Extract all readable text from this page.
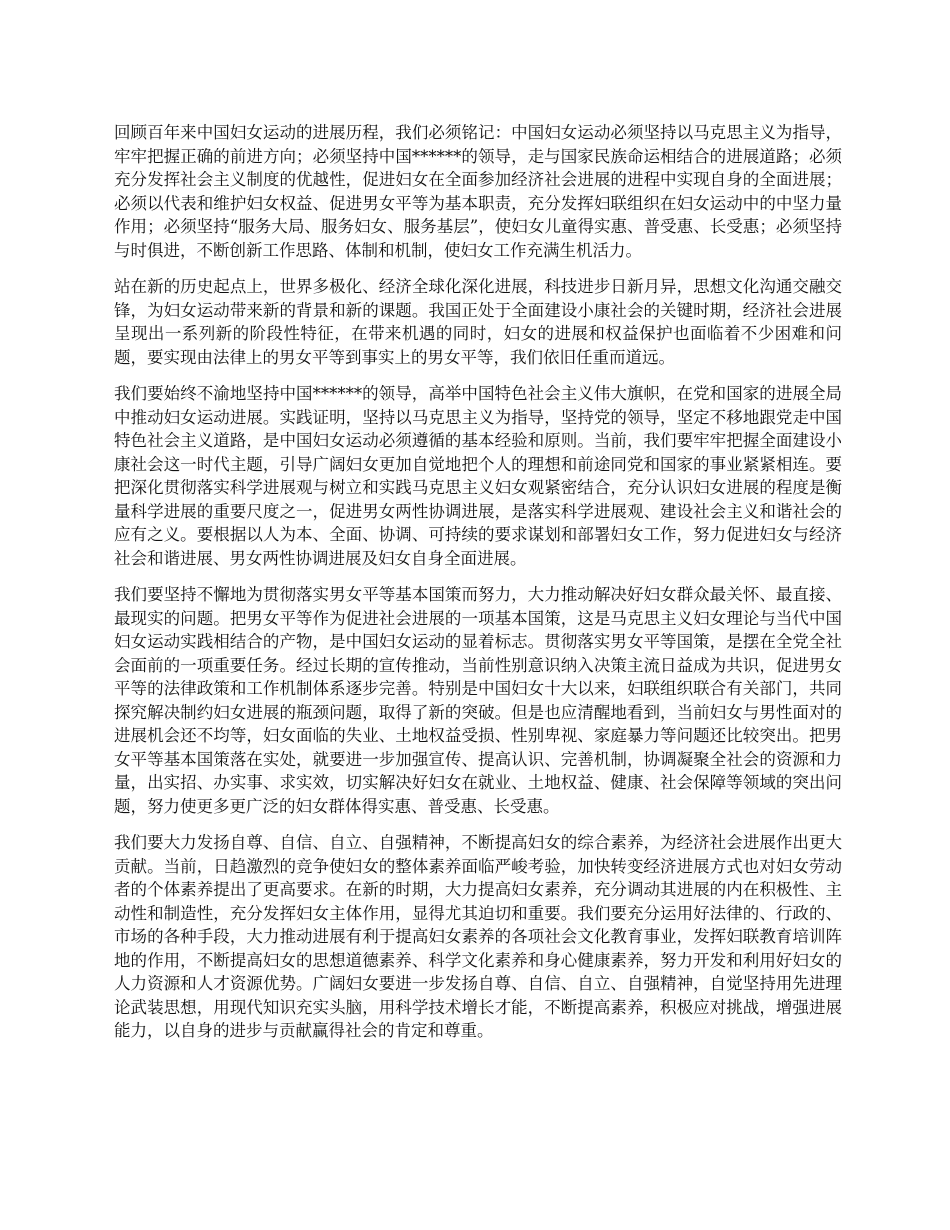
回顾百年来中国妇女运动的进展历程，我们必须铭记：中国妇女运动必须坚持以马克思主义为指导，牢牢把握正确的前进方向；必须坚持中国******的领导，走与国家民族命运相结合的进展道路；必须充分发挥社会主义制度的优越性，促进妇女在全面参加经济社会进展的进程中实现自身的全面进展；必须以代表和维护妇女权益、促进男女平等为基本职责，充分发挥妇联组织在妇女运动中的中坚力量作用；必须坚持“服务大局、服务妇女、服务基层”，使妇女儿童得实惠、普受惠、长受惠；必须坚持与时俱进，不断创新工作思路、体制和机制，使妇女工作充满生机活力。

站在新的历史起点上，世界多极化、经济全球化深化进展，科技进步日新月异，思想文化沟通交融交锋，为妇女运动带来新的背景和新的课题。我国正处于全面建设小康社会的关键时期，经济社会进展呈现出一系列新的阶段性特征，在带来机遇的同时，妇女的进展和权益保护也面临着不少困难和问题，要实现由法律上的男女平等到事实上的男女平等，我们依旧任重而道远。

我们要始终不渝地坚持中国******的领导，高举中国特色社会主义伟大旗帜，在党和国家的进展全局中推动妇女运动进展。实践证明，坚持以马克思主义为指导，坚持党的领导，坚定不移地跟党走中国特色社会主义道路，是中国妇女运动必须遵循的基本经验和原则。当前，我们要牢牢把握全面建设小康社会这一时代主题，引导广阔妇女更加自觉地把个人的理想和前途同党和国家的事业紧紧相连。要把深化贯彻落实科学进展观与树立和实践马克思主义妇女观紧密结合，充分认识妇女进展的程度是衡量科学进展的重要尺度之一，促进男女两性协调进展，是落实科学进展观、建设社会主义和谐社会的应有之义。要根据以人为本、全面、协调、可持续的要求谋划和部署妇女工作，努力促进妇女与经济社会和谐进展、男女两性协调进展及妇女自身全面进展。

我们要坚持不懈地为贯彻落实男女平等基本国策而努力，大力推动解决好妇女群众最关怀、最直接、最现实的问题。把男女平等作为促进社会进展的一项基本国策，这是马克思主义妇女理论与当代中国妇女运动实践相结合的产物，是中国妇女运动的显着标志。贯彻落实男女平等国策，是摆在全党全社会面前的一项重要任务。经过长期的宣传推动，当前性别意识纳入决策主流日益成为共识，促进男女平等的法律政策和工作机制体系逐步完善。特别是中国妇女十大以来，妇联组织联合有关部门，共同探究解决制约妇女进展的瓶颈问题，取得了新的突破。但是也应清醒地看到，当前妇女与男性面对的进展机会还不均等，妇女面临的失业、土地权益受损、性别卑视、家庭暴力等问题还比较突出。把男女平等基本国策落在实处，就要进一步加强宣传、提高认识、完善机制，协调凝聚全社会的资源和力量，出实招、办实事、求实效，切实解决好妇女在就业、土地权益、健康、社会保障等领域的突出问题，努力使更多更广泛的妇女群体得实惠、普受惠、长受惠。

我们要大力发扬自尊、自信、自立、自强精神，不断提高妇女的综合素养，为经济社会进展作出更大贡献。当前，日趋激烈的竞争使妇女的整体素养面临严峻考验，加快转变经济进展方式也对妇女劳动者的个体素养提出了更高要求。在新的时期，大力提高妇女素养，充分调动其进展的内在积极性、主动性和制造性，充分发挥妇女主体作用，显得尤其迫切和重要。我们要充分运用好法律的、行政的、市场的各种手段，大力推动进展有利于提高妇女素养的各项社会文化教育事业，发挥妇联教育培训阵地的作用，不断提高妇女的思想道德素养、科学文化素养和身心健康素养，努力开发和利用好妇女的人力资源和人才资源优势。广阔妇女要进一步发扬自尊、自信、自立、自强精神，自觉坚持用先进理论武装思想，用现代知识充实头脑，用科学技术增长才能，不断提高素养，积极应对挑战，增强进展能力，以自身的进步与贡献赢得社会的肯定和尊重。
